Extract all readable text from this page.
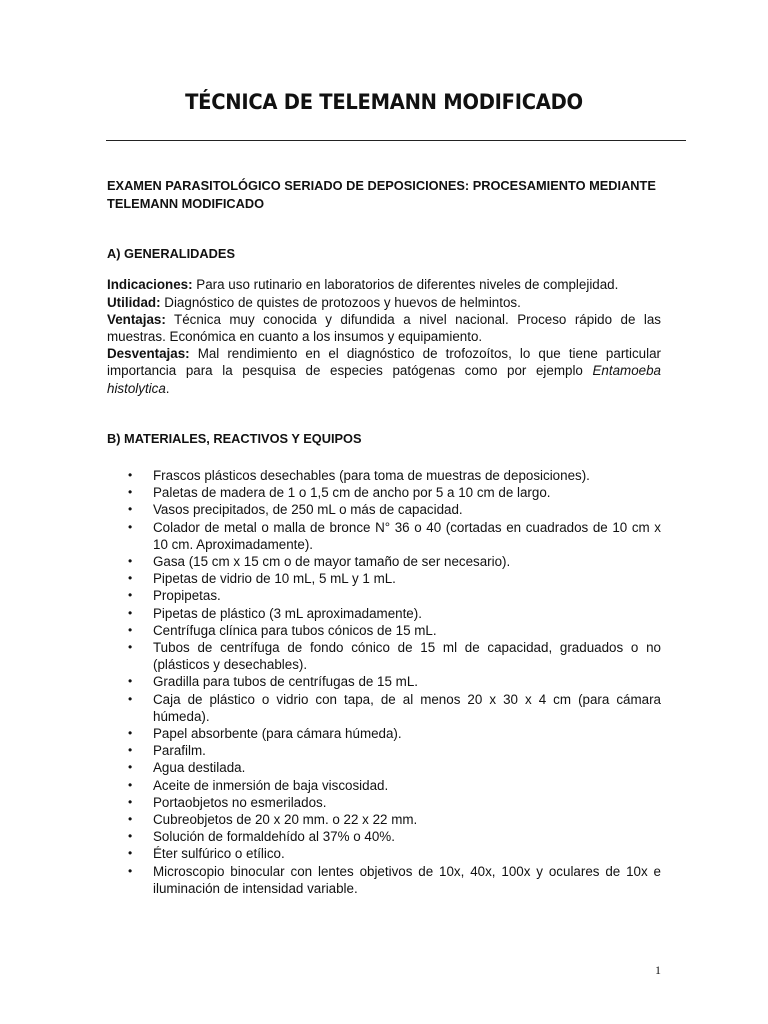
TÉCNICA DE TELEMANN MODIFICADO

EXAMEN PARASITOLÓGICO SERIADO DE DEPOSICIONES: PROCESAMIENTO MEDIANTE TELEMANN MODIFICADO

A) GENERALIDADES

Indicaciones: Para uso rutinario en laboratorios de diferentes niveles de complejidad.

Utilidad: Diagnóstico de quistes de protozoos y huevos de helmintos.

Ventajas: Técnica muy conocida y difundida a nivel nacional. Proceso rápido de las muestras. Económica en cuanto a los insumos y equipamiento.

Desventajas: Mal rendimiento en el diagnóstico de trofozoítos, lo que tiene particular importancia para la pesquisa de especies patógenas como por ejemplo Entamoeba histolytica.

B) MATERIALES, REACTIVOS Y EQUIPOS

• Frascos plásticos desechables (para toma de muestras de deposiciones).
• Paletas de madera de 1 o 1,5 cm de ancho por 5 a 10 cm de largo.
• Vasos precipitados, de 250 mL o más de capacidad.
• Colador de metal o malla de bronce N° 36 o 40 (cortadas en cuadrados de 10 cm x 10 cm. Aproximadamente).
• Gasa (15 cm x 15 cm o de mayor tamaño de ser necesario).
• Pipetas de vidrio de 10 mL, 5 mL y 1 mL.
• Propipetas.
• Pipetas de plástico (3 mL aproximadamente).
• Centrífuga clínica para tubos cónicos de 15 mL.
• Tubos de centrífuga de fondo cónico de 15 ml de capacidad, graduados o no (plásticos y desechables).
• Gradilla para tubos de centrífugas de 15 mL.
• Caja de plástico o vidrio con tapa, de al menos 20 x 30 x 4 cm (para cámara húmeda).
• Papel absorbente (para cámara húmeda).
• Parafilm.
• Agua destilada.
• Aceite de inmersión de baja viscosidad.
• Portaobjetos no esmerilados.
• Cubreobjetos de 20 x 20 mm. o 22 x 22 mm.
• Solución de formaldehído al 37% o 40%.
• Éter sulfúrico o etílico.
• Microscopio binocular con lentes objetivos de 10x, 40x, 100x y oculares de 10x e iluminación de intensidad variable.
1
